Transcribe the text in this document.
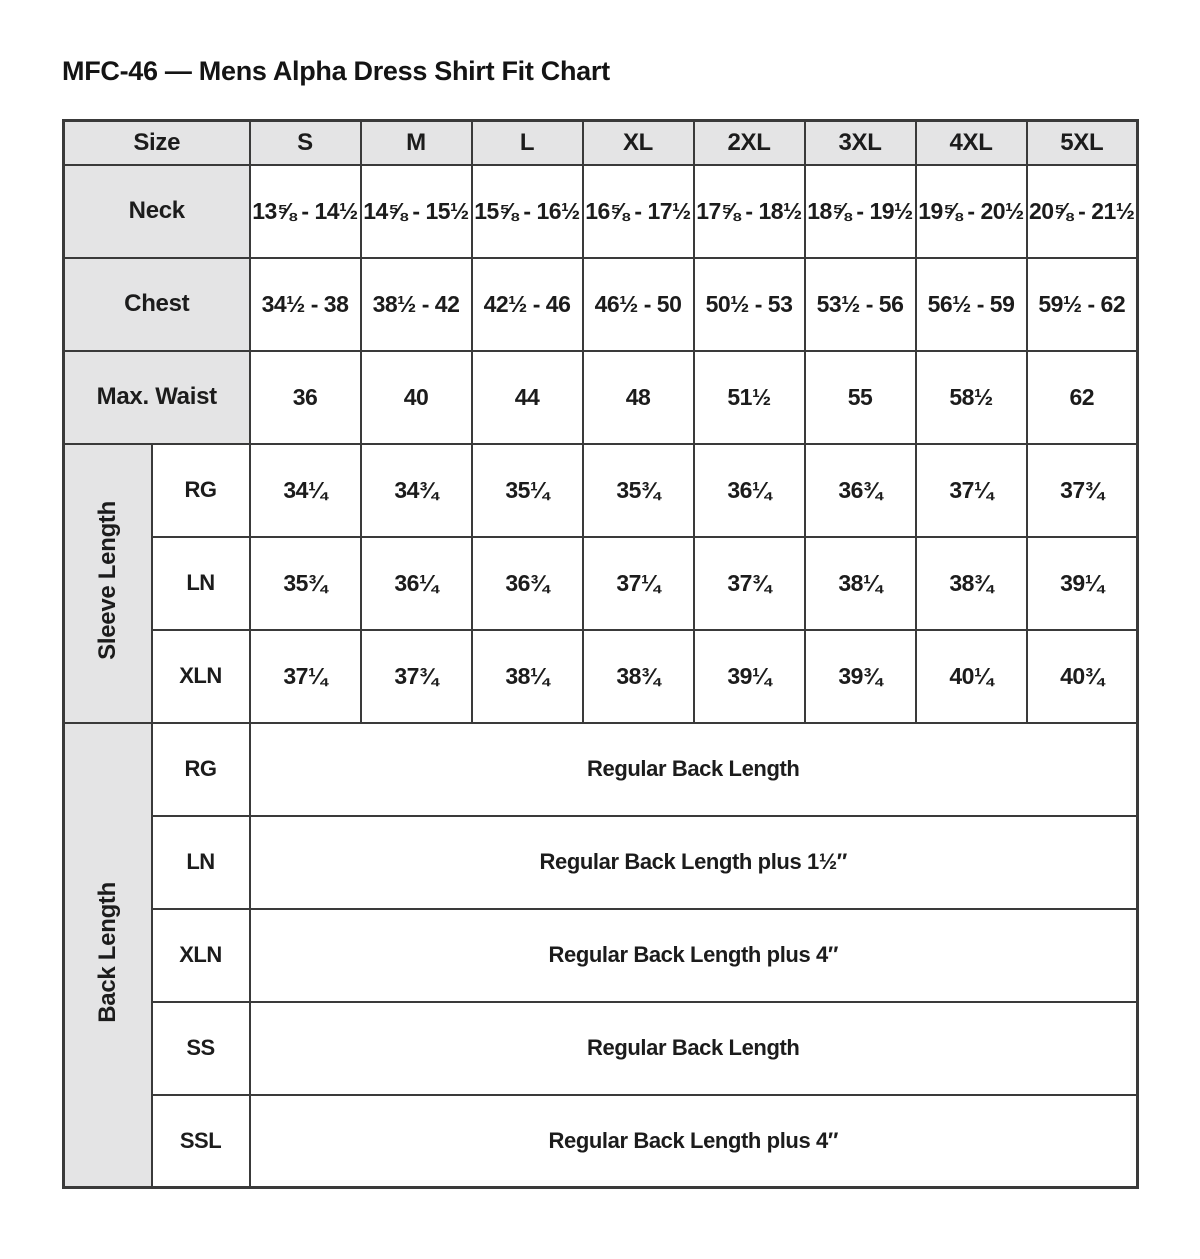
MFC-46 — Mens Alpha Dress Shirt Fit Chart
Size		S	M	L	XL	2XL	3XL	4XL	5XL
Neck		13⅝ - 14½	14⅝ - 15½	15⅝ - 16½	16⅝ - 17½	17⅝ - 18½	18⅝ - 19½	19⅝ - 20½	20⅝ - 21½
Chest		34½ - 38	38½ - 42	42½ - 46	46½ - 50	50½ - 53	53½ - 56	56½ - 59	59½ - 62
Max. Waist		36	40	44	48	51½	55	58½	62
Sleeve Length	RG	34¼	34¾	35¼	35¾	36¼	36¾	37¼	37¾
	LN	35¾	36¼	36¾	37¼	37¾	38¼	38¾	39¼
	XLN	37¼	37¾	38¼	38¾	39¼	39¾	40¼	40¾
Back Length	RG	Regular Back Length							
	LN	Regular Back Length plus 1½″							
	XLN	Regular Back Length plus 4″							
	SS	Regular Back Length							
	SSL	Regular Back Length plus 4″							
